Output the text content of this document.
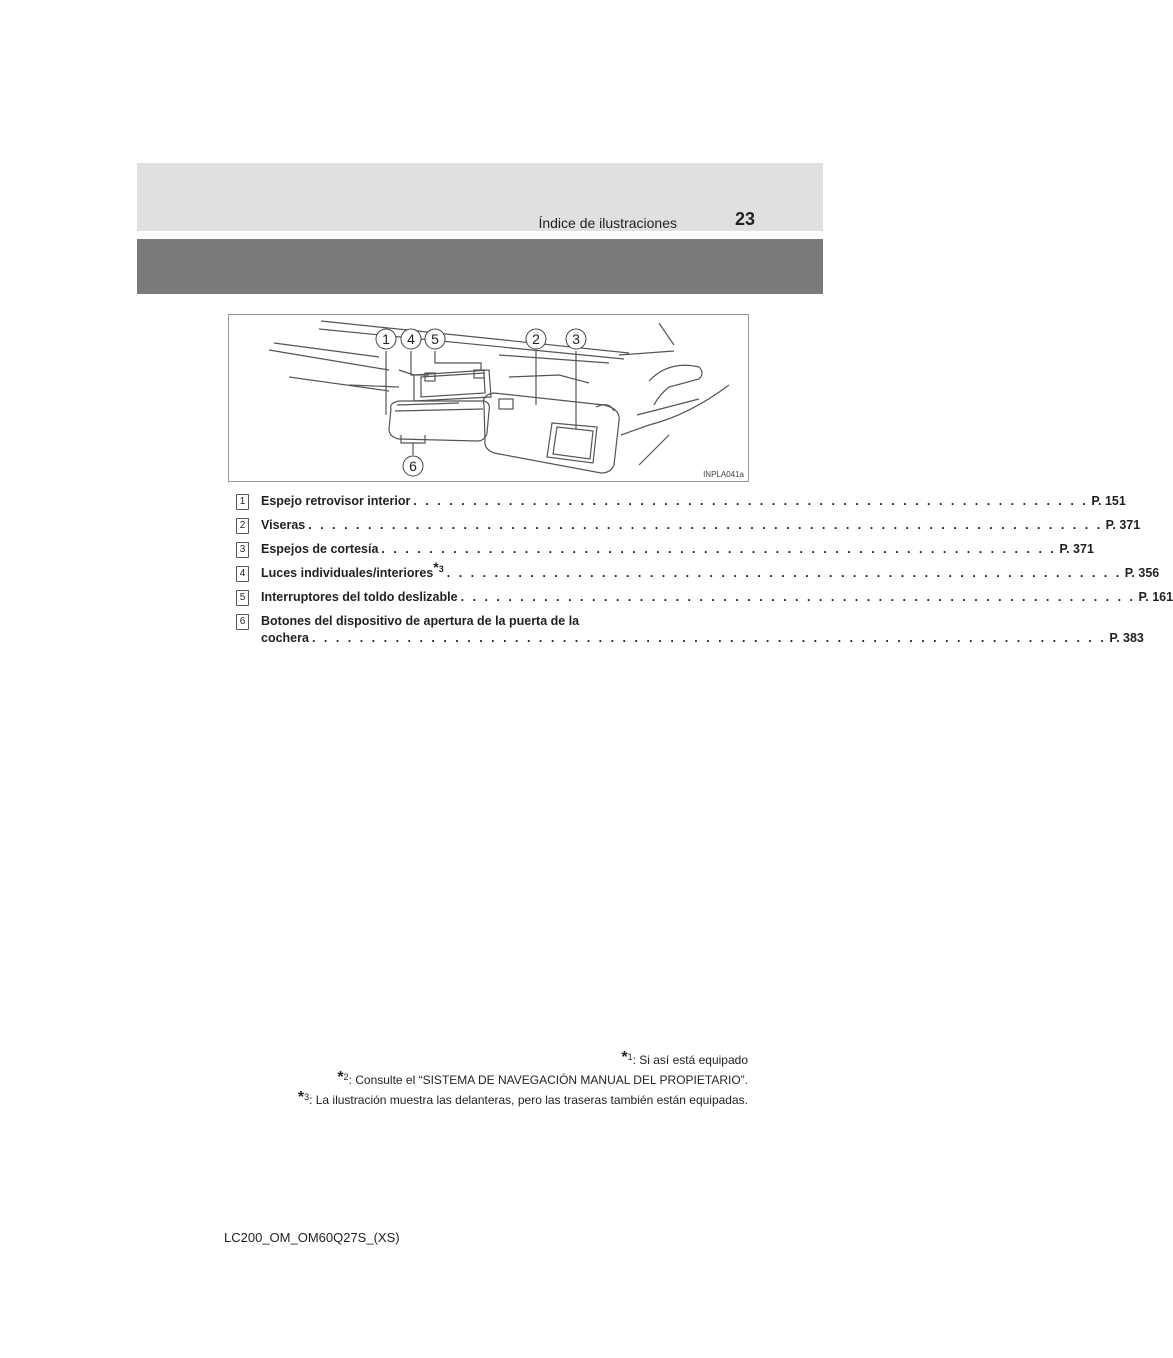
Índice de ilustraciones	23
1 4 5	2 3
6
INPLA041a
1 Espejo retrovisor interior . . . . . . . . . . . . . . . . . . . . . . . . . . . . . . . . . . . . . . . . . . . . . . . . . . . . . . . . . P. 151
2 Viseras . . . . . . . . . . . . . . . . . . . . . . . . . . . . . . . . . . . . . . . . . . . . . . . . . . . . . . . . . . . . . . . . . . . P. 371
3 Espejos de cortesía . . . . . . . . . . . . . . . . . . . . . . . . . . . . . . . . . . . . . . . . . . . . . . . . . . . . . . . . . P. 371
4 Luces individuales/interiores$^{*3}$ . . . . . . . . . . . . . . . . . . . . . . . . . . . . . . . . . . . . . . . . . . . . . . . . . . . . . . . . . P. 356
5 Interruptores del toldo deslizable . . . . . . . . . . . . . . . . . . . . . . . . . . . . . . . . . . . . . . . . . . . . . . . . . . . . . . . . . P. 161
6 Botones del dispositivo de apertura de la puerta de la
cochera . . . . . . . . . . . . . . . . . . . . . . . . . . . . . . . . . . . . . . . . . . . . . . . . . . . . . . . . . . . . . . . . . . . P. 383
*$^1$: Si así está equipado
*$^2$: Consulte el “SISTEMA DE NAVEGACIÓN MANUAL DEL PROPIETARIO”.
*$^3$: La ilustración muestra las delanteras, pero las traseras también están equipadas.
LC200_OM_OM60Q27S_(XS)
